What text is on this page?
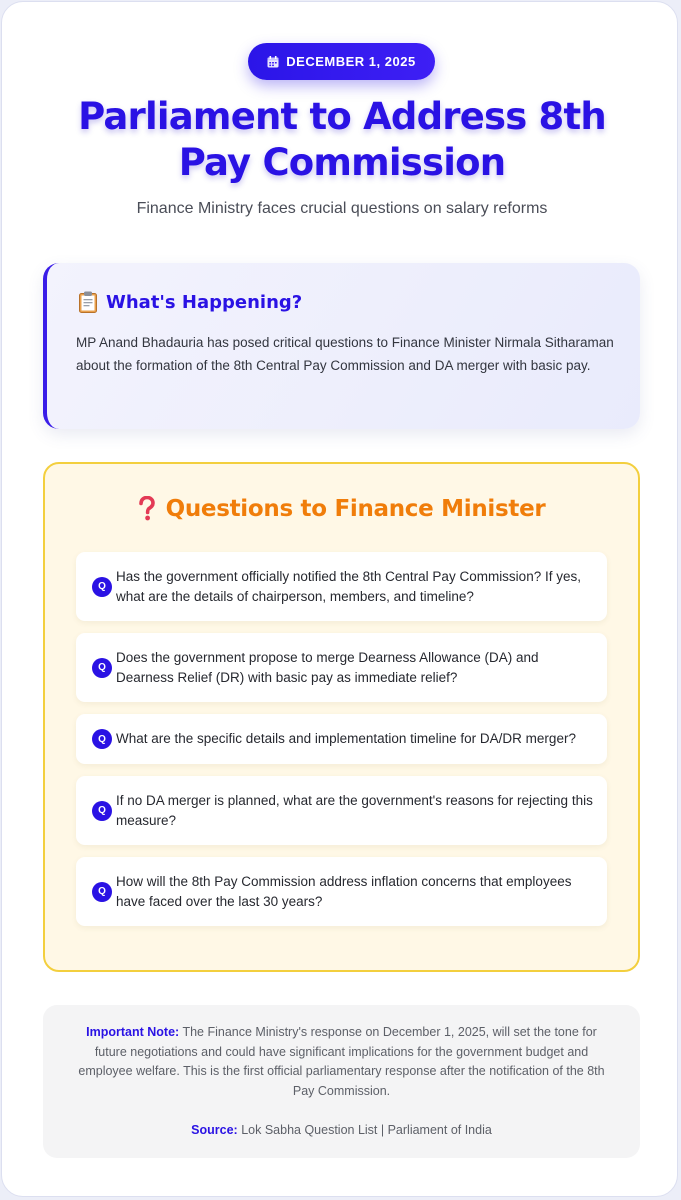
DECEMBER 1, 2025
Parliament to Address 8th Pay Commission
Finance Ministry faces crucial questions on salary reforms
What's Happening?
MP Anand Bhadauria has posed critical questions to Finance Minister Nirmala Sitharaman about the formation of the 8th Central Pay Commission and DA merger with basic pay.
Questions to Finance Minister
Q
Has the government officially notified the 8th Central Pay Commission? If yes, what are the details of chairperson, members, and timeline?
Q
Does the government propose to merge Dearness Allowance (DA) and Dearness Relief (DR) with basic pay as immediate relief?
Q What are the specific details and implementation timeline for DA/DR merger?
Q
If no DA merger is planned, what are the government's reasons for rejecting this measure?
Q
How will the 8th Pay Commission address inflation concerns that employees have faced over the last 30 years?
Important Note: The Finance Ministry's response on December 1, 2025, will set the tone for future negotiations and could have significant implications for the government budget and employee welfare. This is the first official parliamentary response after the notification of the 8th Pay Commission.
Source: Lok Sabha Question List | Parliament of India
